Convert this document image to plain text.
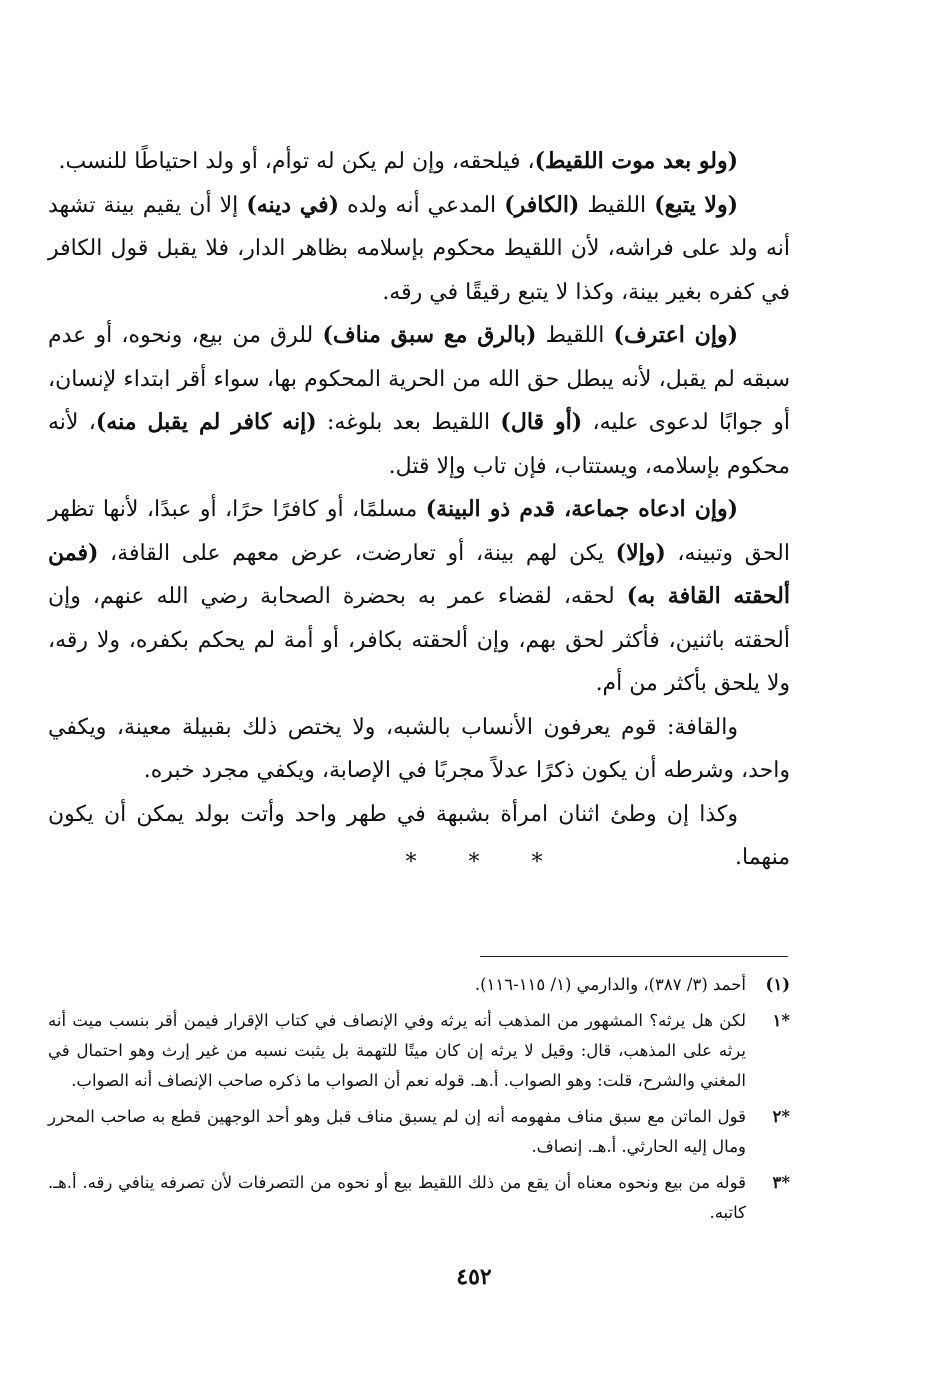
(ولو بعد موت اللقيط)، فيلحقه، وإن لم يكن له توأم، أو ولد احتياطًا للنسب.

(ولا يتبع) اللقيط (الكافر) المدعي أنه ولده (في دينه) إلا أن يقيم بينة تشهد أنه ولد على فراشه، لأن اللقيط محكوم بإسلامه بظاهر الدار، فلا يقبل قول الكافر في كفره بغير بينة، وكذا لا يتبع رقيقًا في رقه.

(وإن اعترف) اللقيط (بالرق مع سبق مناف) للرق من بيع، ونحوه، أو عدم سبقه لم يقبل، لأنه يبطل حق الله من الحرية المحكوم بها، سواء أقر ابتداء لإنسان، أو جوابًا لدعوى عليه، (أو قال) اللقيط بعد بلوغه: (إنه كافر لم يقبل منه)، لأنه محكوم بإسلامه، ويستتاب، فإن تاب وإلا قتل.

(وإن ادعاه جماعة، قدم ذو البينة) مسلمًا، أو كافرًا حرًا، أو عبدًا، لأنها تظهر الحق وتبينه، (وإلا) يكن لهم بينة، أو تعارضت، عرض معهم على القافة، (فمن ألحقته القافة به) لحقه، لقضاء عمر به بحضرة الصحابة رضي الله عنهم، وإن ألحقته باثنين، فأكثر لحق بهم، وإن ألحقته بكافر، أو أمة لم يحكم بكفره، ولا رقه، ولا يلحق بأكثر من أم.

والقافة: قوم يعرفون الأنساب بالشبه، ولا يختص ذلك بقبيلة معينة، ويكفي واحد، وشرطه أن يكون ذكرًا عدلاً مجربًا في الإصابة، ويكفي مجرد خبره.

وكذا إن وطئ اثنان امرأة بشبهة في طهر واحد وأتت بولد يمكن أن يكون منهما.

*
*
*
(١)
أحمد (٣/ ٣٨٧)، والدارمي (١/ ١١٥-١١٦).
*١
لكن هل يرثه؟ المشهور من المذهب أنه يرثه وفي الإنصاف في كتاب الإقرار فيمن أقر بنسب ميت أنه يرثه على المذهب، قال: وقيل لا يرثه إن كان ميتًا للتهمة بل يثبت نسبه من غير إرث وهو احتمال في المغني والشرح، قلت: وهو الصواب. أ.هـ. قوله نعم أن الصواب ما ذكره صاحب الإنصاف أنه الصواب.
*٢
قول الماتن مع سبق مناف مفهومه أنه إن لم يسبق مناف قبل وهو أحد الوجهين قطع به صاحب المحرر ومال إليه الحارثي. أ.هـ. إنصاف.
*٣
قوله من بيع ونحوه معناه أن يقع من ذلك اللقيط بيع أو نحوه من التصرفات لأن تصرفه ينافي رقه. أ.هـ. كاتبه.
٤٥٢
